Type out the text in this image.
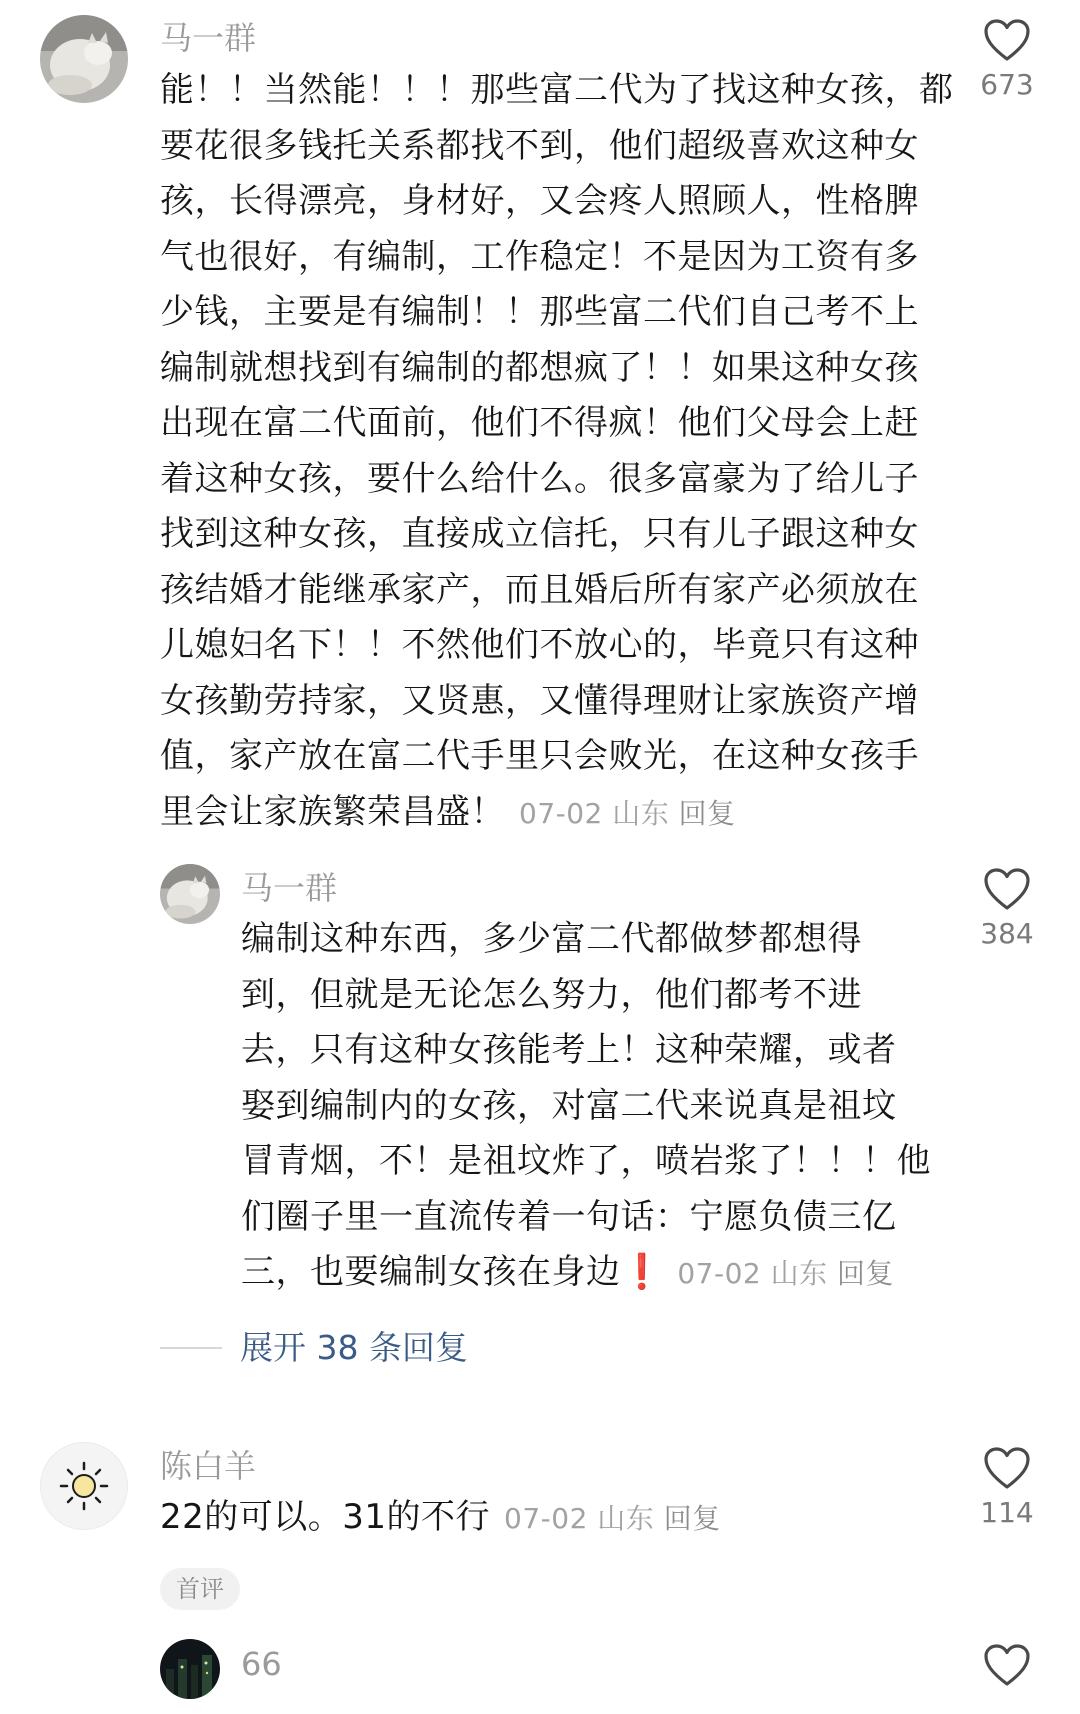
马一群
能！！当然能！！！那些富二代为了找这种女孩，都
要花很多钱托关系都找不到，他们超级喜欢这种女
孩，长得漂亮，身材好，又会疼人照顾人，性格脾
气也很好，有编制，工作稳定！不是因为工资有多
少钱，主要是有编制！！那些富二代们自己考不上
编制就想找到有编制的都想疯了！！如果这种女孩
出现在富二代面前，他们不得疯！他们父母会上赶
着这种女孩，要什么给什么。很多富豪为了给儿子
找到这种女孩，直接成立信托，只有儿子跟这种女
孩结婚才能继承家产，而且婚后所有家产必须放在
儿媳妇名下！！不然他们不放心的，毕竟只有这种
女孩勤劳持家，又贤惠，又懂得理财让家族资产增
值，家产放在富二代手里只会败光，在这种女孩手
里会让家族繁荣昌盛！ 07-02 山东 回复
673
马一群
编制这种东西，多少富二代都做梦都想得
到，但就是无论怎么努力，他们都考不进
去，只有这种女孩能考上！这种荣耀，或者
娶到编制内的女孩，对富二代来说真是祖坟
冒青烟，不！是祖坟炸了，喷岩浆了！！！他
们圈子里一直流传着一句话：宁愿负债三亿
三，也要编制女孩在身边❗ 07-02 山东 回复
384
展开 38 条回复
陈白羊
22的可以。31的不行 07-02 山东 回复	114
首评
66
